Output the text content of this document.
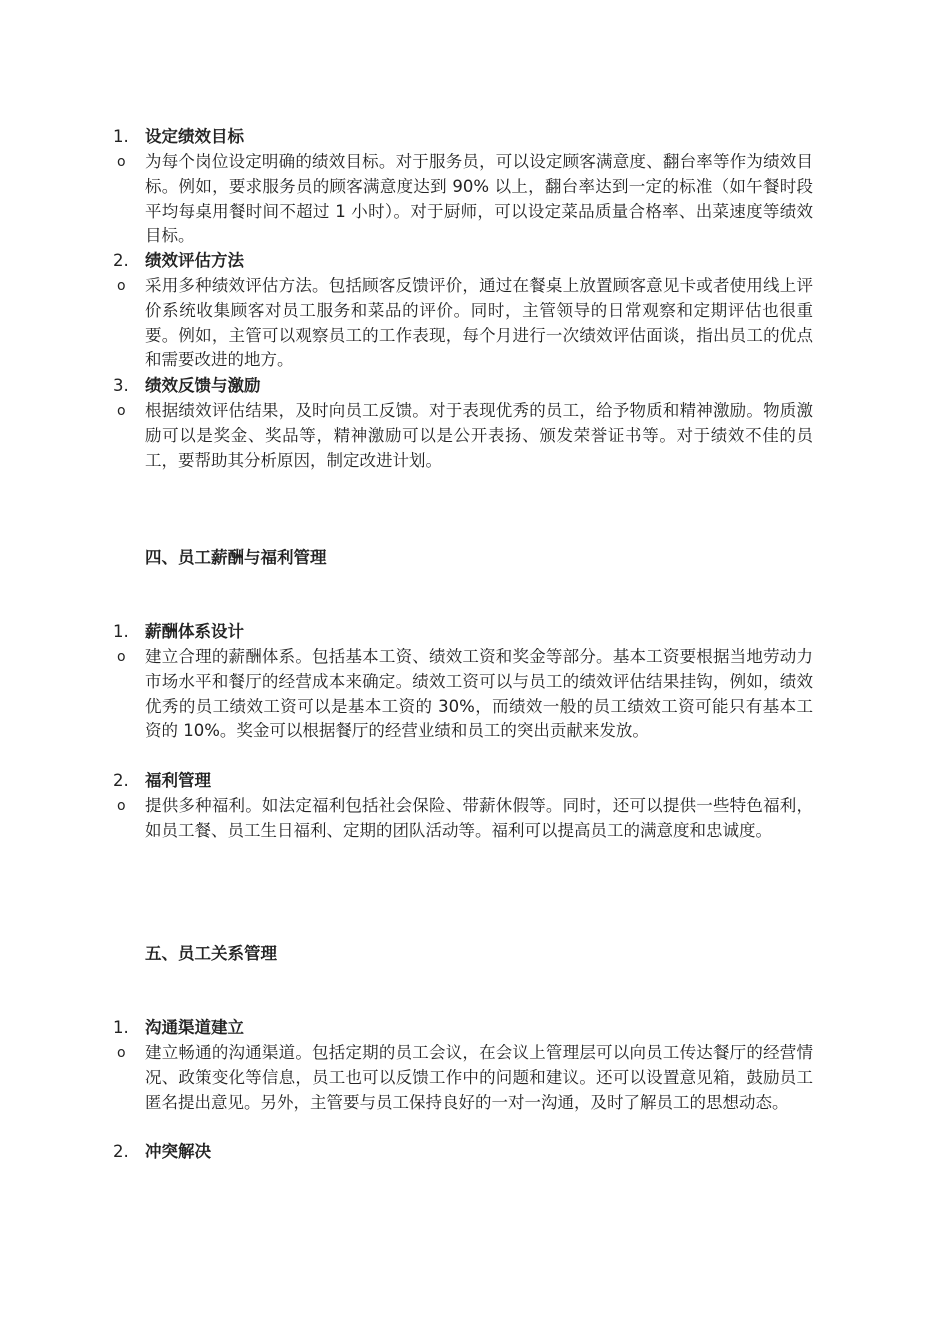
1. 设定绩效目标
o 为每个岗位设定明确的绩效目标。对于服务员，可以设定顾客满意度、翻台率等作为绩效目标。例如，要求服务员的顾客满意度达到 90% 以上，翻台率达到一定的标准（如午餐时段平均每桌用餐时间不超过 1 小时）。对于厨师，可以设定菜品质量合格率、出菜速度等绩效目标。
2. 绩效评估方法
o 采用多种绩效评估方法。包括顾客反馈评价，通过在餐桌上放置顾客意见卡或者使用线上评价系统收集顾客对员工服务和菜品的评价。同时，主管领导的日常观察和定期评估也很重要。例如，主管可以观察员工的工作表现，每个月进行一次绩效评估面谈，指出员工的优点和需要改进的地方。
3. 绩效反馈与激励
o 根据绩效评估结果，及时向员工反馈。对于表现优秀的员工，给予物质和精神激励。物质激励可以是奖金、奖品等，精神激励可以是公开表扬、颁发荣誉证书等。对于绩效不佳的员工，要帮助其分析原因，制定改进计划。
四、员工薪酬与福利管理
1. 薪酬体系设计
o 建立合理的薪酬体系。包括基本工资、绩效工资和奖金等部分。基本工资要根据当地劳动力市场水平和餐厅的经营成本来确定。绩效工资可以与员工的绩效评估结果挂钩，例如，绩效优秀的员工绩效工资可以是基本工资的 30%，而绩效一般的员工绩效工资可能只有基本工资的 10%。奖金可以根据餐厅的经营业绩和员工的突出贡献来发放。
2. 福利管理
o 提供多种福利。如法定福利包括社会保险、带薪休假等。同时，还可以提供一些特色福利，如员工餐、员工生日福利、定期的团队活动等。福利可以提高员工的满意度和忠诚度。
五、员工关系管理
1. 沟通渠道建立
o 建立畅通的沟通渠道。包括定期的员工会议，在会议上管理层可以向员工传达餐厅的经营情况、政策变化等信息，员工也可以反馈工作中的问题和建议。还可以设置意见箱，鼓励员工匿名提出意见。另外，主管要与员工保持良好的一对一沟通，及时了解员工的思想动态。
2. 冲突解决
